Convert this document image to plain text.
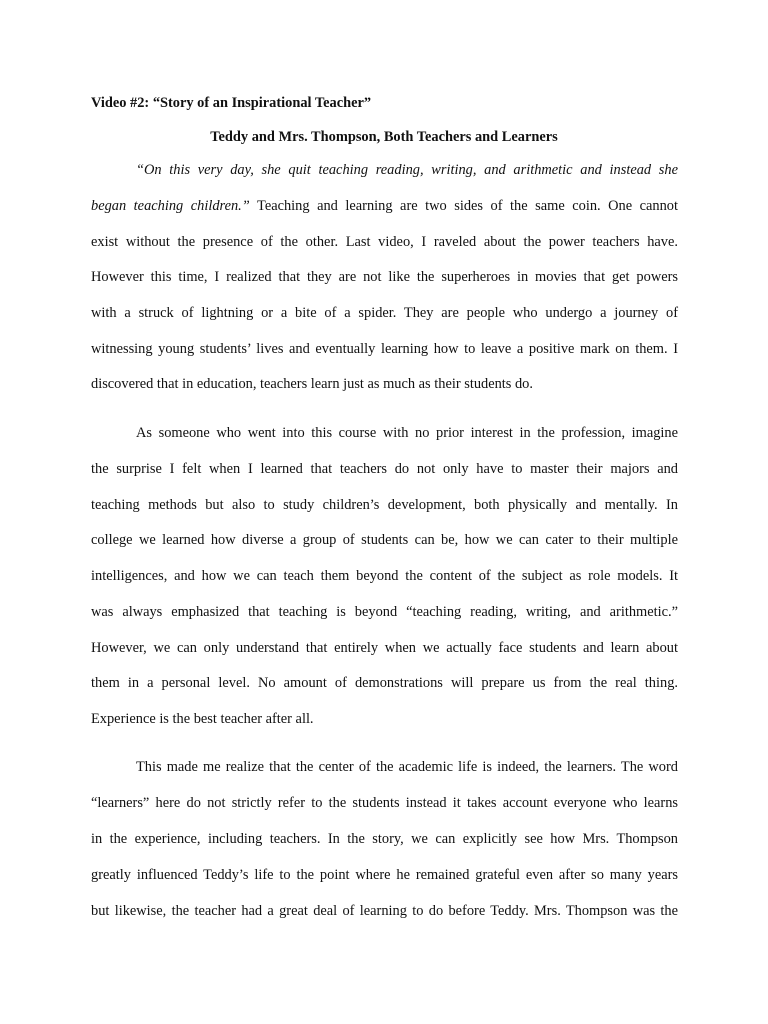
Video #2: “Story of an Inspirational Teacher”

Teddy and Mrs. Thompson, Both Teachers and Learners

“On this very day, she quit teaching reading, writing, and arithmetic and instead she

began teaching children.” Teaching and learning are two sides of the same coin. One cannot

exist without the presence of the other. Last video, I raveled about the power teachers have.

However this time, I realized that they are not like the superheroes in movies that get powers

with a struck of lightning or a bite of a spider. They are people who undergo a journey of

witnessing young students’ lives and eventually learning how to leave a positive mark on them. I

discovered that in education, teachers learn just as much as their students do.

As someone who went into this course with no prior interest in the profession, imagine

the surprise I felt when I learned that teachers do not only have to master their majors and

teaching methods but also to study children’s development, both physically and mentally. In

college we learned how diverse a group of students can be, how we can cater to their multiple

intelligences, and how we can teach them beyond the content of the subject as role models. It

was always emphasized that teaching is beyond “teaching reading, writing, and arithmetic.”

However, we can only understand that entirely when we actually face students and learn about

them in a personal level. No amount of demonstrations will prepare us from the real thing.

Experience is the best teacher after all.

This made me realize that the center of the academic life is indeed, the learners. The word

“learners” here do not strictly refer to the students instead it takes account everyone who learns

in the experience, including teachers. In the story, we can explicitly see how Mrs. Thompson

greatly influenced Teddy’s life to the point where he remained grateful even after so many years

but likewise, the teacher had a great deal of learning to do before Teddy. Mrs. Thompson was the
